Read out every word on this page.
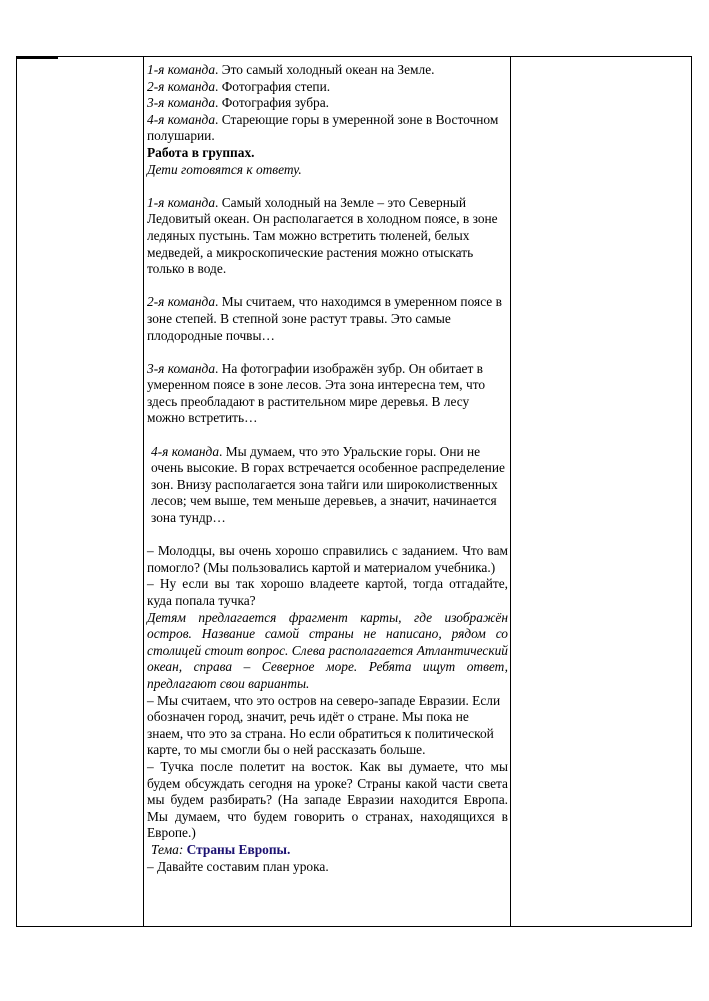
1-я команда. Это самый холодный океан на Земле.

2-я команда. Фотография степи.

3-я команда. Фотография зубра.

4-я команда. Стареющие горы в умеренной зоне в Восточном полушарии.

Работа в группах.

Дети готовятся к ответу.

1-я команда. Самый холодный на Земле – это Северный Ледовитый океан. Он располагается в холодном поясе, в зоне ледяных пустынь. Там можно встретить тюленей, белых медведей, а микроскопические растения можно отыскать только в воде.

2-я команда. Мы считаем, что находимся в умеренном поясе в зоне степей. В степной зоне растут травы. Это самые плодородные почвы…

3-я команда. На фотографии изображён зубр. Он обитает в умеренном поясе в зоне лесов. Эта зона интересна тем, что здесь преобладают в растительном мире деревья. В лесу можно встретить…

4-я команда. Мы думаем, что это Уральские горы. Они не очень высокие. В горах встречается особенное распределение зон. Внизу располагается зона тайги или широколиственных лесов; чем выше, тем меньше деревьев, а значит, начинается зона тундр…

– Молодцы, вы очень хорошо справились с заданием. Что вам помогло? (Мы пользовались картой и материалом учебника.)

– Ну если вы так хорошо владеете картой, тогда отгадайте, куда попала тучка?

Детям предлагается фрагмент карты, где изображён остров. Название самой страны не написано, рядом со столицей стоит вопрос. Слева располагается Атлантический океан, справа – Северное море. Ребята ищут ответ, предлагают свои варианты.

– Мы считаем, что это остров на северо-западе Евразии. Если обозначен город, значит, речь идёт о стране. Мы пока не знаем, что это за страна. Но если обратиться к политической карте, то мы смогли бы о ней рассказать больше.

– Тучка после полетит на восток. Как вы думаете, что мы будем обсуждать сегодня на уроке? Страны какой части света мы будем разбирать? (На западе Евразии находится Европа. Мы думаем, что будем говорить о странах, находящихся в Европе.)

Тема: Страны Европы.

– Давайте составим план урока.
